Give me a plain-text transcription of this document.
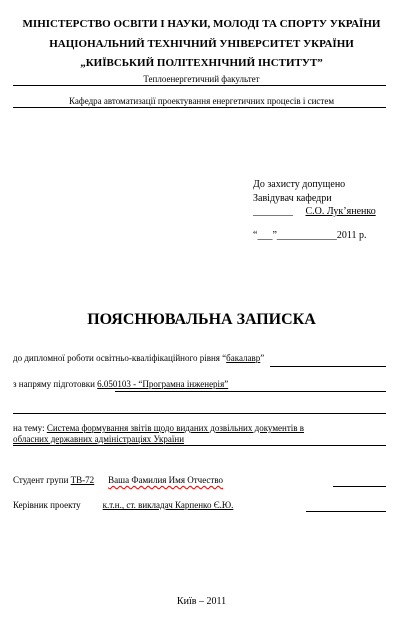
МІНІСТЕРСТВО ОСВІТИ І НАУКИ, МОЛОДІ ТА СПОРТУ УКРАЇНИ
НАЦІОНАЛЬНИЙ ТЕХНІЧНИЙ УНІВЕРСИТЕТ УКРАЇНИ
„КИЇВСЬКИЙ ПОЛІТЕХНІЧНИЙ ІНСТИТУТ”
Теплоенергетичний факультет
Кафедра автоматизації проектування енергетичних процесів і систем
До захисту допущено
Завідувач кафедри
________ С.О. Лук’яненко
“___”____________2011 р.
ПОЯСНЮВАЛЬНА ЗАПИСКА
до дипломної роботи освітньо-кваліфікаційного рівня “бакалавр”
з напряму підготовки 6.050103 - “Програмна інженерія”
на тему: Система формування звітів щодо виданих дозвільних документів в
обласних державних адміністраціях України
Студент групи ТВ-72 Ваша Фамилия Имя Отчество
Керівник проекту к.т.н., ст. викладач Карпенко Є.Ю.
Київ – 2011
